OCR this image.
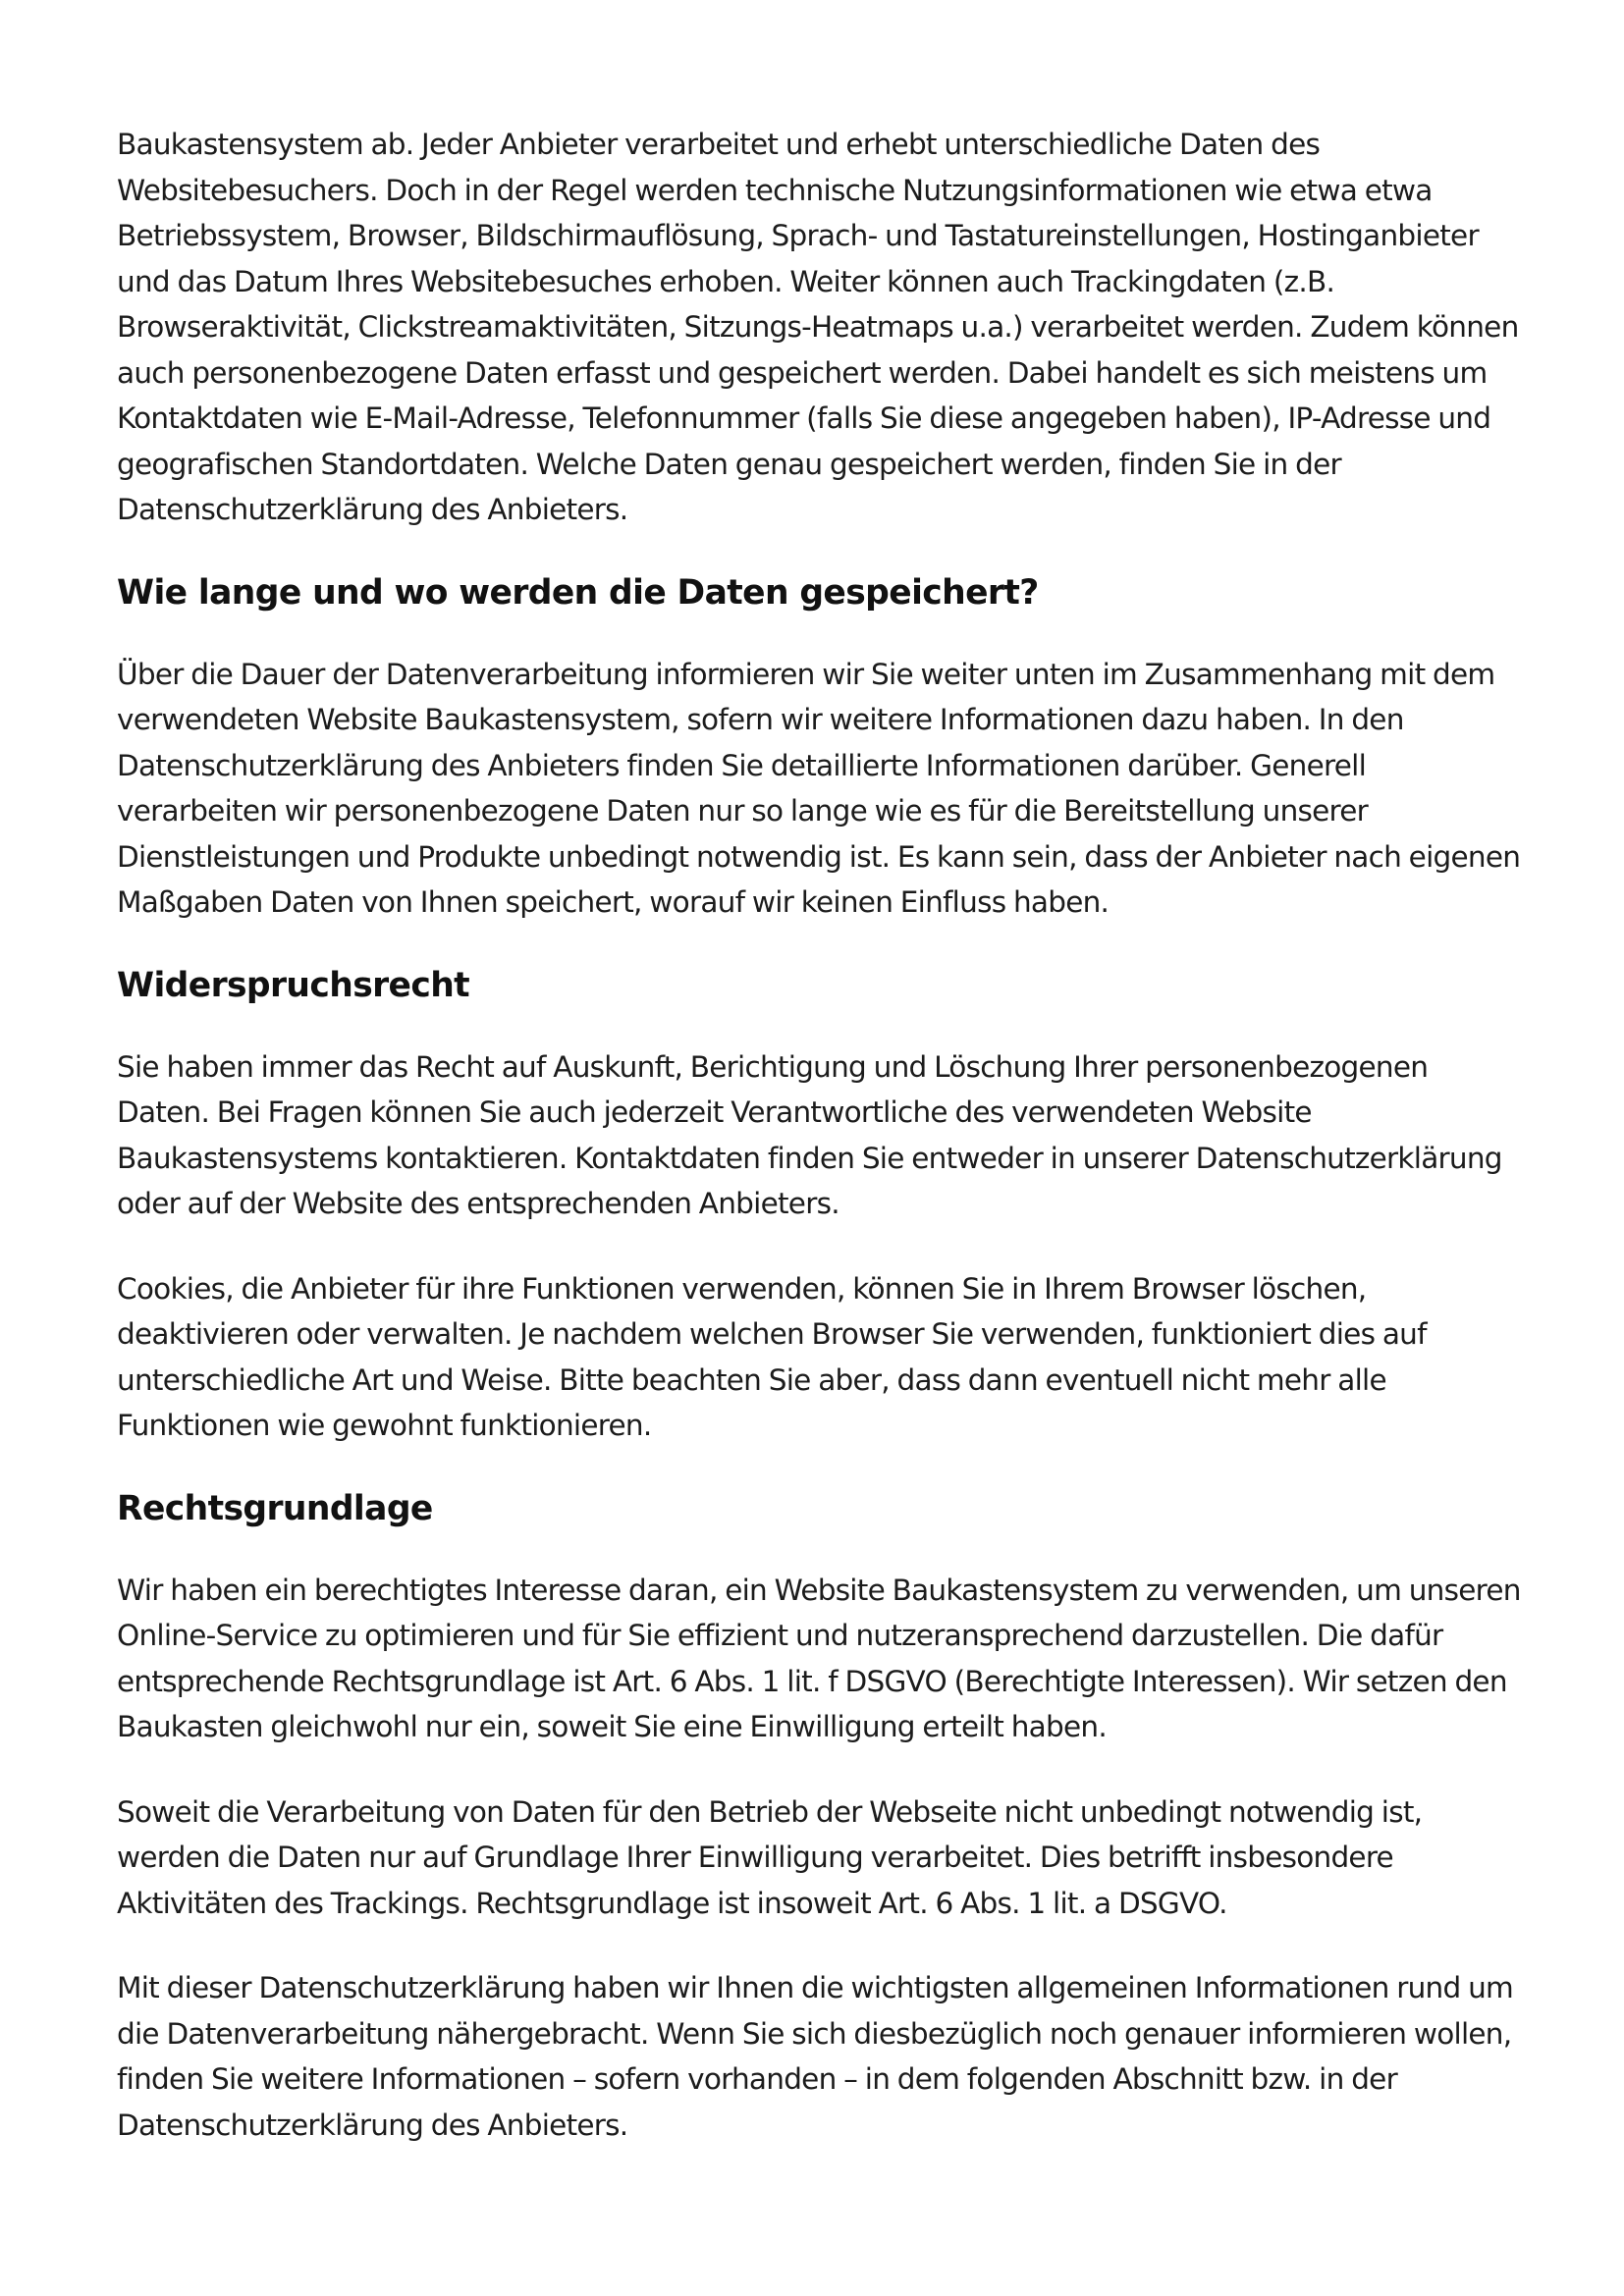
Baukastensystem ab. Jeder Anbieter verarbeitet und erhebt unterschiedliche Daten des Websitebesuchers. Doch in der Regel werden technische Nutzungsinformationen wie etwa etwa Betriebssystem, Browser, Bildschirmauflösung, Sprach- und Tastatureinstellungen, Hostinganbieter und das Datum Ihres Websitebesuches erhoben. Weiter können auch Trackingdaten (z.B. Browseraktivität, Clickstreamaktivitäten, Sitzungs-Heatmaps u.a.) verarbeitet werden. Zudem können auch personenbezogene Daten erfasst und gespeichert werden. Dabei handelt es sich meistens um Kontaktdaten wie E-Mail-Adresse, Telefonnummer (falls Sie diese angegeben haben), IP-Adresse und geografischen Standortdaten. Welche Daten genau gespeichert werden, finden Sie in der Datenschutzerklärung des Anbieters.

Wie lange und wo werden die Daten gespeichert?

Über die Dauer der Datenverarbeitung informieren wir Sie weiter unten im Zusammenhang mit dem verwendeten Website Baukastensystem, sofern wir weitere Informationen dazu haben. In den Datenschutzerklärung des Anbieters finden Sie detaillierte Informationen darüber. Generell verarbeiten wir personenbezogene Daten nur so lange wie es für die Bereitstellung unserer Dienstleistungen und Produkte unbedingt notwendig ist. Es kann sein, dass der Anbieter nach eigenen Maßgaben Daten von Ihnen speichert, worauf wir keinen Einfluss haben.

Widerspruchsrecht

Sie haben immer das Recht auf Auskunft, Berichtigung und Löschung Ihrer personenbezogenen Daten. Bei Fragen können Sie auch jederzeit Verantwortliche des verwendeten Website Baukastensystems kontaktieren. Kontaktdaten finden Sie entweder in unserer Datenschutzerklärung oder auf der Website des entsprechenden Anbieters.

Cookies, die Anbieter für ihre Funktionen verwenden, können Sie in Ihrem Browser löschen, deaktivieren oder verwalten. Je nachdem welchen Browser Sie verwenden, funktioniert dies auf unterschiedliche Art und Weise. Bitte beachten Sie aber, dass dann eventuell nicht mehr alle Funktionen wie gewohnt funktionieren.

Rechtsgrundlage

Wir haben ein berechtigtes Interesse daran, ein Website Baukastensystem zu verwenden, um unseren Online-Service zu optimieren und für Sie effizient und nutzeransprechend darzustellen. Die dafür entsprechende Rechtsgrundlage ist Art. 6 Abs. 1 lit. f DSGVO (Berechtigte Interessen). Wir setzen den Baukasten gleichwohl nur ein, soweit Sie eine Einwilligung erteilt haben.

Soweit die Verarbeitung von Daten für den Betrieb der Webseite nicht unbedingt notwendig ist, werden die Daten nur auf Grundlage Ihrer Einwilligung verarbeitet. Dies betrifft insbesondere Aktivitäten des Trackings. Rechtsgrundlage ist insoweit Art. 6 Abs. 1 lit. a DSGVO.

Mit dieser Datenschutzerklärung haben wir Ihnen die wichtigsten allgemeinen Informationen rund um die Datenverarbeitung nähergebracht. Wenn Sie sich diesbezüglich noch genauer informieren wollen, finden Sie weitere Informationen – sofern vorhanden – in dem folgenden Abschnitt bzw. in der Datenschutzerklärung des Anbieters.
